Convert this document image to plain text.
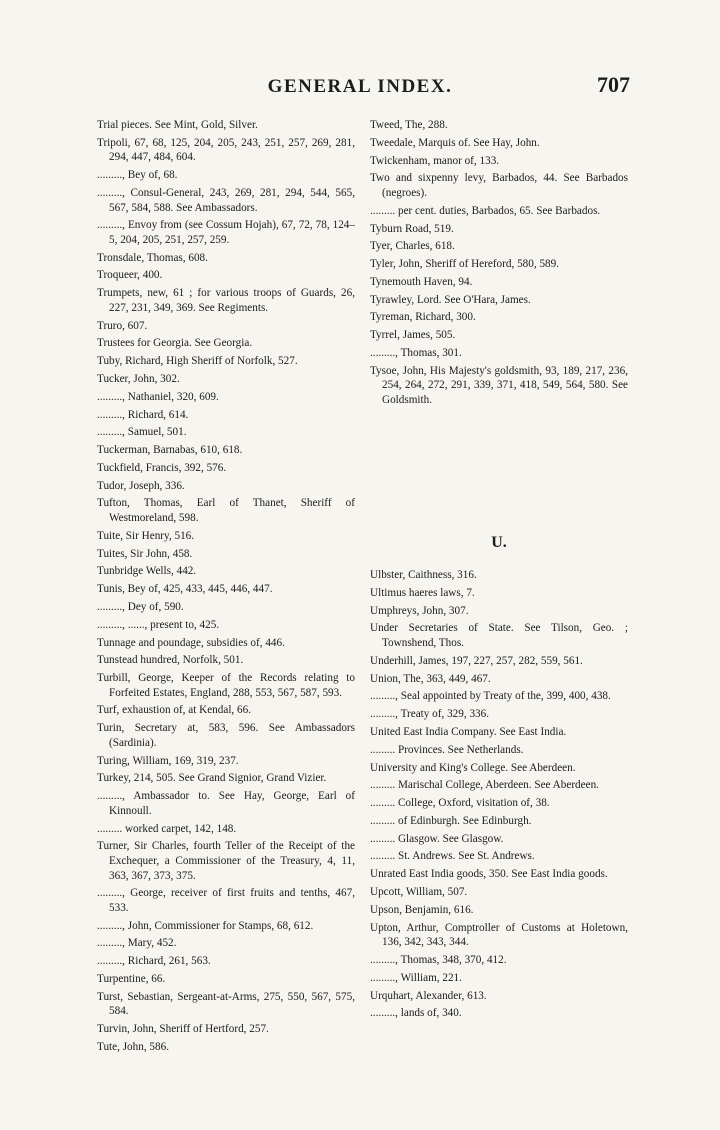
GENERAL INDEX.	707
Trial pieces. See Mint, Gold, Silver.
Tripoli, 67, 68, 125, 204, 205, 243, 251, 257, 269, 281, 294, 447, 484, 604.
........., Bey of, 68.
........., Consul-General, 243, 269, 281, 294, 544, 565, 567, 584, 588. See Ambassadors.
........., Envoy from (see Cossum Hojah), 67, 72, 78, 124–5, 204, 205, 251, 257, 259.
Tronsdale, Thomas, 608.
Troqueer, 400.
Trumpets, new, 61 ; for various troops of Guards, 26, 227, 231, 349, 369. See Regiments.
Truro, 607.
Trustees for Georgia. See Georgia.
Tuby, Richard, High Sheriff of Norfolk, 527.
Tucker, John, 302.
........., Nathaniel, 320, 609.
........., Richard, 614.
........., Samuel, 501.
Tuckerman, Barnabas, 610, 618.
Tuckfield, Francis, 392, 576.
Tudor, Joseph, 336.
Tufton, Thomas, Earl of Thanet, Sheriff of Westmoreland, 598.
Tuite, Sir Henry, 516.
Tuites, Sir John, 458.
Tunbridge Wells, 442.
Tunis, Bey of, 425, 433, 445, 446, 447.
........., Dey of, 590.
........., ......, present to, 425.
Tunnage and poundage, subsidies of, 446.
Tunstead hundred, Norfolk, 501.
Turbill, George, Keeper of the Records relating to Forfeited Estates, England, 288, 553, 567, 587, 593.
Turf, exhaustion of, at Kendal, 66.
Turin, Secretary at, 583, 596. See Ambassadors (Sardinia).
Turing, William, 169, 319, 237.
Turkey, 214, 505. See Grand Signior, Grand Vizier.
........., Ambassador to. See Hay, George, Earl of Kinnoull.
......... worked carpet, 142, 148.
Turner, Sir Charles, fourth Teller of the Receipt of the Exchequer, a Commissioner of the Treasury, 4, 11, 363, 367, 373, 375.
........., George, receiver of first fruits and tenths, 467, 533.
........., John, Commissioner for Stamps, 68, 612.
........., Mary, 452.
........., Richard, 261, 563.
Turpentine, 66.
Turst, Sebastian, Sergeant-at-Arms, 275, 550, 567, 575, 584.
Turvin, John, Sheriff of Hertford, 257.
Tute, John, 586.
Tweed, The, 288.
Tweedale, Marquis of. See Hay, John.
Twickenham, manor of, 133.
Two and sixpenny levy, Barbados, 44. See Barbados (negroes).
......... per cent. duties, Barbados, 65. See Barbados.
Tyburn Road, 519.
Tyer, Charles, 618.
Tyler, John, Sheriff of Hereford, 580, 589.
Tynemouth Haven, 94.
Tyrawley, Lord. See O'Hara, James.
Tyreman, Richard, 300.
Tyrrel, James, 505.
........., Thomas, 301.
Tysoe, John, His Majesty's goldsmith, 93, 189, 217, 236, 254, 264, 272, 291, 339, 371, 418, 549, 564, 580. See Goldsmith.
U.
Ulbster, Caithness, 316.
Ultimus haeres laws, 7.
Umphreys, John, 307.
Under Secretaries of State. See Tilson, Geo. ; Townshend, Thos.
Underhill, James, 197, 227, 257, 282, 559, 561.
Union, The, 363, 449, 467.
........., Seal appointed by Treaty of the, 399, 400, 438.
........., Treaty of, 329, 336.
United East India Company. See East India.
......... Provinces. See Netherlands.
University and King's College. See Aberdeen.
......... Marischal College, Aberdeen. See Aberdeen.
......... College, Oxford, visitation of, 38.
......... of Edinburgh. See Edinburgh.
......... Glasgow. See Glasgow.
......... St. Andrews. See St. Andrews.
Unrated East India goods, 350. See East India goods.
Upcott, William, 507.
Upson, Benjamin, 616.
Upton, Arthur, Comptroller of Customs at Holetown, 136, 342, 343, 344.
........., Thomas, 348, 370, 412.
........., William, 221.
Urquhart, Alexander, 613.
........., lands of, 340.
